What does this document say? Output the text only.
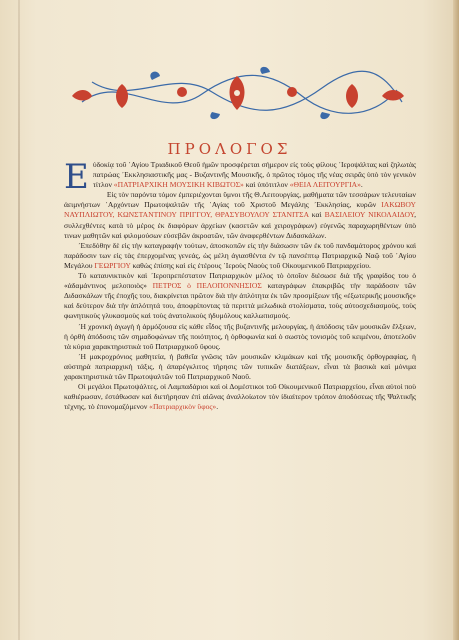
ΠΡΟΛΟΓΟΣ

Εὐδοκίᾳ τοῦ ᾽Αγίου Τριαδικοῦ Θεοῦ ἡμῶν προσφέρεται σήμερον εἰς τοὺς φίλους ᾽Ιεροψάλτας καὶ ζηλωτὰς πατρώας ᾽Εκκλησιαστικῆς μας - Βυζαντινῆς Μουσικῆς, ὁ πρῶτος τόμος τῆς νέας σειρᾶς ὑπὸ τὸν γενικὸν τίτλον «ΠΑΤΡΙΑΡΧΙΚΗ ΜΟΥΣΙΚΗ ΚΙΒΩΤΟΣ» καὶ ὑπότιτλον «ΘΕΙΑ ΛΕΙΤΟΥΡΓΙΑ».

Εἰς τὸν παρόντα τόμον ἐμπεριέχονται ὕμνοι τῆς Θ.Λειτουργίας, μαθήματα τῶν τεσσάρων τελευταίων ἀειμνήστων ᾽Αρχόντων Πρωτοψαλτῶν τῆς ᾽Αγίας τοῦ Χριστοῦ Μεγάλης ᾽Εκκλησίας, κυρῶν ΙΑΚΩΒΟΥ ΝΑΥΠΛΙΩΤΟΥ, ΚΩΝΣΤΑΝΤΙΝΟΥ ΠΡΙΓΓΟΥ, ΘΡΑΣΥΒΟΥΛΟΥ ΣΤΑΝΙΤΣΑ καὶ ΒΑΣΙΛΕΙΟΥ ΝΙΚΟΛΑΙΔΟΥ, συλλεχθέντες κατὰ τὸ μέρος ἐκ διαφόρων ἀρχείων (κασετῶν καὶ χειρογράφων) εὐγενῶς παραχωρηθέντων ὑπὸ τινων μαθητῶν καὶ φιλομούσων εὐσεβῶν ἀκροατῶν, τῶν ἀναφερθέντων Διδασκάλων.

᾽Επεδόθην δὲ εἰς τὴν καταγραφὴν τούτων, ἀποσκοπῶν εἰς τὴν διάσωσιν τῶν ἐκ τοῦ πανδαμάτορος χρόνου καὶ παράδοσιν των εἰς τὰς ἐπερχομένας γενεάς, ὡς μέλη ἀγιασθέντα ἐν τῷ πανσέπτῳ Πατριαρχικῷ Ναῷ τοῦ ᾽Αγίου Μεγάλου ΓΕΩΡΓΙΟΥ καθὼς ἐπίσης καὶ εἰς ἑτέρους ᾽Ιεροὺς Ναοὺς τοῦ Οἰκουμενικοῦ Πατριαρχείου.

Τὸ καταυνικτικὸν καὶ ᾽Ιεροπρεπέστατον Πατριαρχικὸν μέλος τὸ ὁποῖον διέσωσε διὰ τῆς γραφίδος του ὁ «ἀδαμάντινος μελοποιὸς» ΠΕΤΡΟΣ ὁ ΠΕΛΟΠΟΝΝΗΣΙΟΣ καταγράφων ἐπακριβῶς τὴν παράδοσιν τῶν Διδασκάλων τῆς ἐποχῆς του, διακρίνεται πρῶτον διὰ τὴν ἁπλότητα ἐκ τῶν προσμίξεων τῆς «ἐξωτερικῆς μουσικῆς» καὶ δεύτερον διὰ τὴν ἀπλότητά του, ἀποφρίποντας τὰ περιττὰ μελωδικὰ στολίσματα, τοὺς αὐτοσχεδιασμοὺς, τοὺς φωνητικοὺς γλυκασμοὺς καὶ τοὺς ἀνατολικοὺς ἡδυμόλους καλλωπισμούς.

᾽Η χρονικὴ ἀγωγὴ ἡ ἁρμόζουσα εἰς κάθε εἶδος τῆς βυζαντινῆς μελουργίας, ἡ ἀπόδοσις τῶν μουσικῶν ἕλξεων, ἡ ὀρθὴ ἀπόδοσις τῶν σημαδοφώνων τῆς ποιότητος, ἡ ὀρθοφωνία καὶ ὁ σωστὸς τονισμὸς τοῦ κειμένου, ἀποτελοῦν τὰ κύρια χαρακτηριστικὰ τοῦ Πατριαρχικοῦ ὕφους.

᾽Η μακροχρόνιος μαθητεία, ἡ βαθεῖα γνῶσις τῶν μουσικῶν κλιμάκων καὶ τῆς μουσικῆς ὀρθογραφίας, ἡ αὐστηρὰ πατριαρχικὴ τάξις, ἡ ἀπαρέγκλιτος τήρησις τῶν τυπικῶν διατάξεων, εἶναι τὰ βασικὰ καὶ μόνιμα χαρακτηριστικὰ τῶν Πρωτοψαλτῶν τοῦ Πατριαρχικοῦ Ναοῦ.

Οἱ μεγάλοι Πρωτοψάλτες, οἱ Λαμπαδάριοι καὶ οἱ Δομέστικοι τοῦ Οἰκουμενικοῦ Πατριαρχείου, εἶναι αὐτοὶ ποὺ καθιέρωσαν, ἐστάθωσαν καὶ διετήρησαν ἐπὶ αἰῶνας ἀναλλοίωτον τὸν ἰδιαίτερον τρόπον ἀποδόσεως τῆς Ψαλτικῆς τέχνης, τὸ ἐπονομαζόμενον «Πατριαρχικὸν ὕφος».
